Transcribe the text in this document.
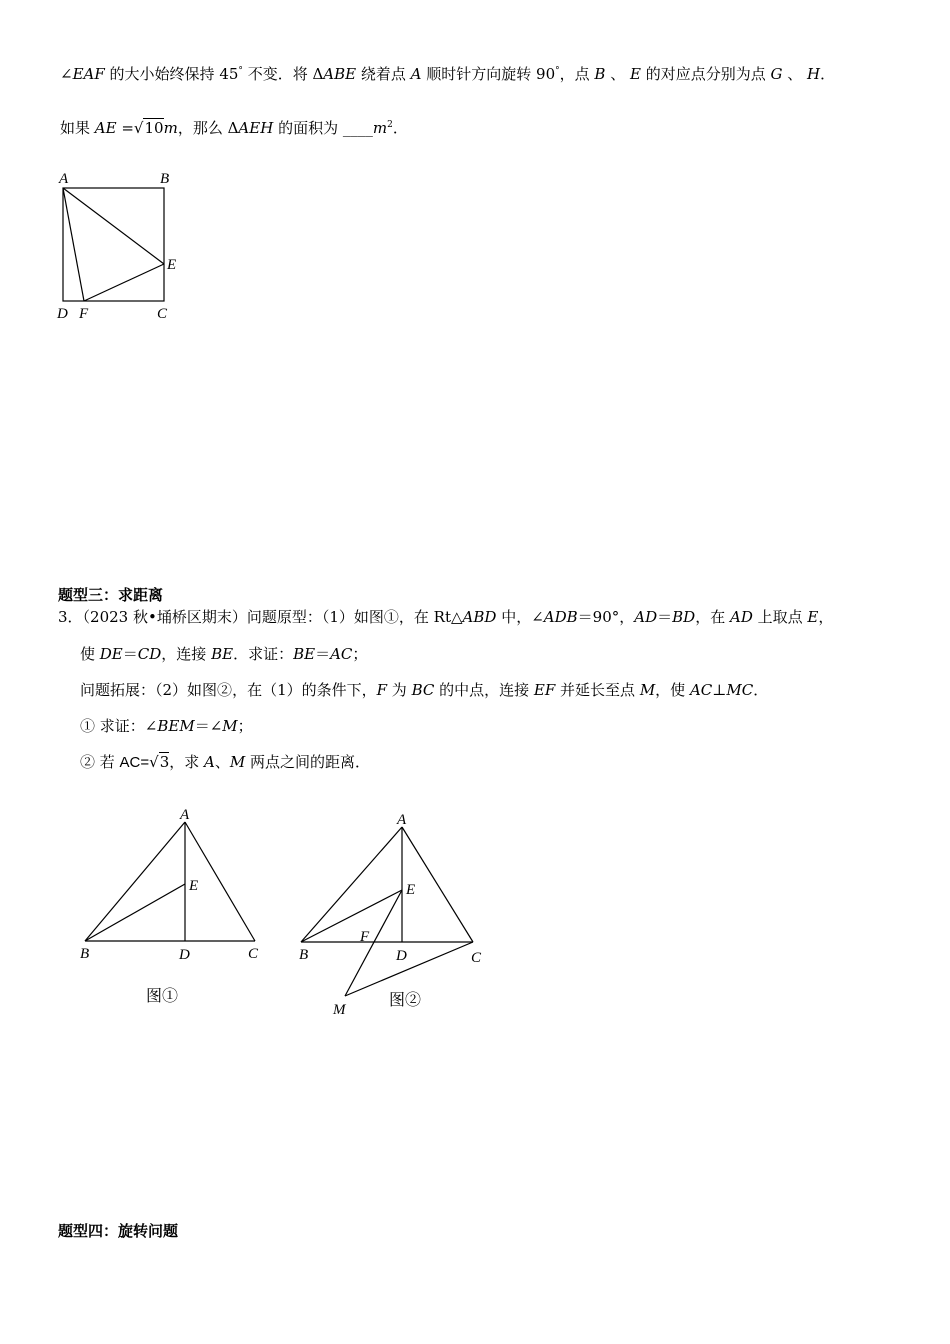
∠EAF 的大小始终保持 45° 不变．将 ΔABE 绕着点 A 顺时针方向旋转 90°，点 B 、 E 的对应点分别为点 G 、 H．
如果 AE =√10m，那么 ΔAEH 的面积为 $\_\_\_\_m^2$．
A	B
E
D F	C
题型三：求距离
3．（2023 秋•埇桥区期末）问题原型：（1）如图①，在 Rt△ABD 中，∠ADB＝90°，AD＝BD，在 AD 上取点 E，
使 DE＝CD，连接 BE．求证：BE＝AC；
问题拓展：（2）如图②，在（1）的条件下，F 为 BC 的中点，连接 EF 并延长至点 M，使 AC⊥MC．
① 求证：∠BEM＝∠M；
② 若 AC=√3，求 A、M 两点之间的距离．
A
E
B	D	C
图①
A
E
F
B	D	C
M
图②
题型四：旋转问题
